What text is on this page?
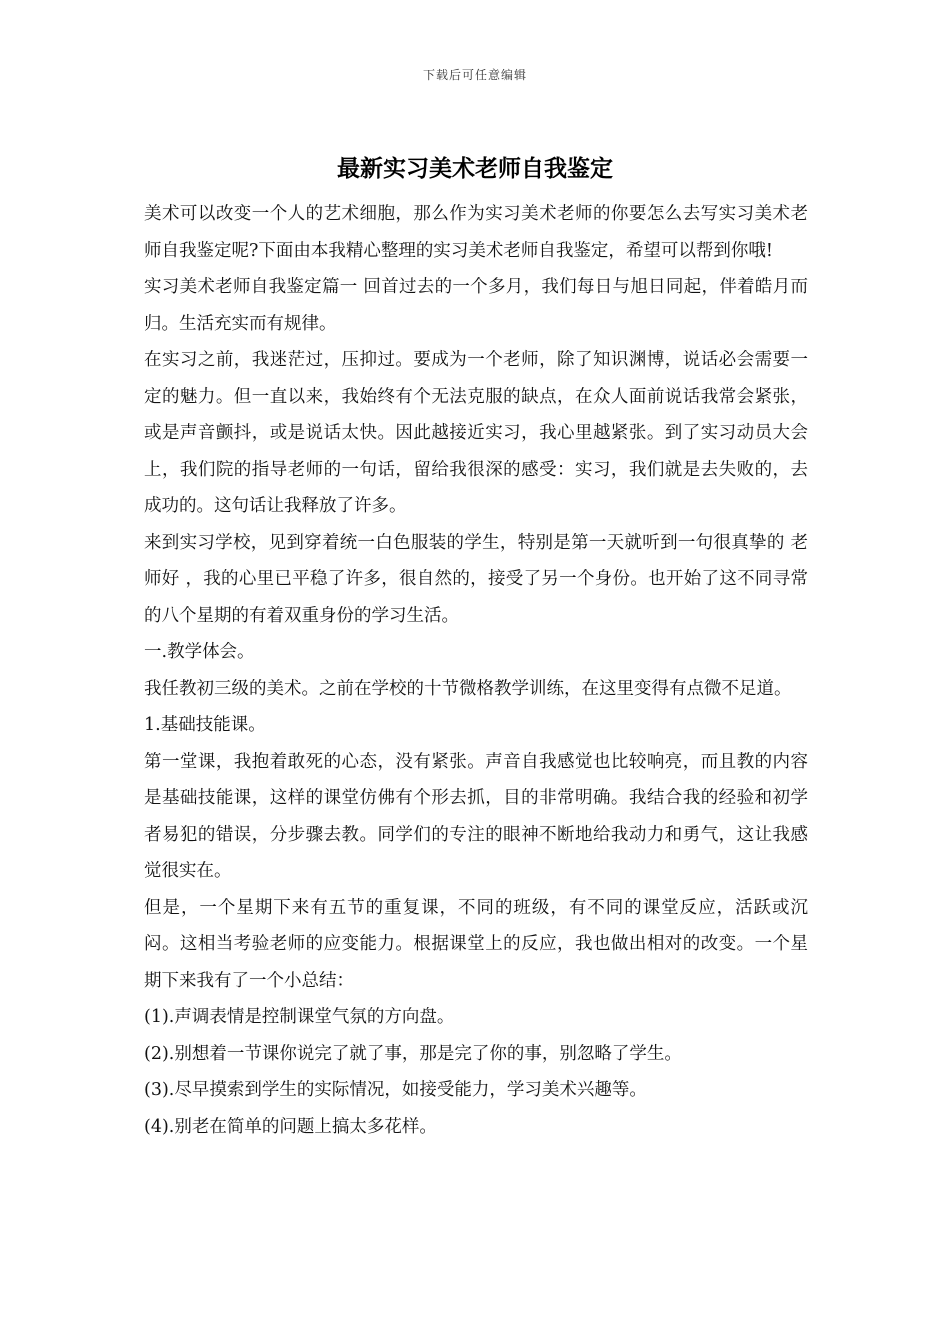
下载后可任意编辑
最新实习美术老师自我鉴定

美术可以改变一个人的艺术细胞，那么作为实习美术老师的你要怎么去写实习美术老师自我鉴定呢?下面由本我精心整理的实习美术老师自我鉴定，希望可以帮到你哦!

实习美术老师自我鉴定篇一 回首过去的一个多月，我们每日与旭日同起，伴着皓月而归。生活充实而有规律。

在实习之前，我迷茫过，压抑过。要成为一个老师，除了知识渊博，说话必会需要一定的魅力。但一直以来，我始终有个无法克服的缺点，在众人面前说话我常会紧张，或是声音颤抖，或是说话太快。因此越接近实习，我心里越紧张。到了实习动员大会上，我们院的指导老师的一句话，留给我很深的感受：实习，我们就是去失败的，去成功的。这句话让我释放了许多。

来到实习学校，见到穿着统一白色服装的学生，特别是第一天就听到一句很真挚的 老师好 ，我的心里已平稳了许多，很自然的，接受了另一个身份。也开始了这不同寻常的八个星期的有着双重身份的学习生活。

一.教学体会。

我任教初三级的美术。之前在学校的十节微格教学训练，在这里变得有点微不足道。

1.基础技能课。

第一堂课，我抱着敢死的心态，没有紧张。声音自我感觉也比较响亮，而且教的内容是基础技能课，这样的课堂仿佛有个形去抓，目的非常明确。我结合我的经验和初学者易犯的错误，分步骤去教。同学们的专注的眼神不断地给我动力和勇气，这让我感觉很实在。

但是，一个星期下来有五节的重复课，不同的班级，有不同的课堂反应，活跃或沉闷。这相当考验老师的应变能力。根据课堂上的反应，我也做出相对的改变。一个星期下来我有了一个小总结：

(1).声调表情是控制课堂气氛的方向盘。

(2).别想着一节课你说完了就了事，那是完了你的事，别忽略了学生。

(3).尽早摸索到学生的实际情况，如接受能力，学习美术兴趣等。

(4).别老在简单的问题上搞太多花样。
